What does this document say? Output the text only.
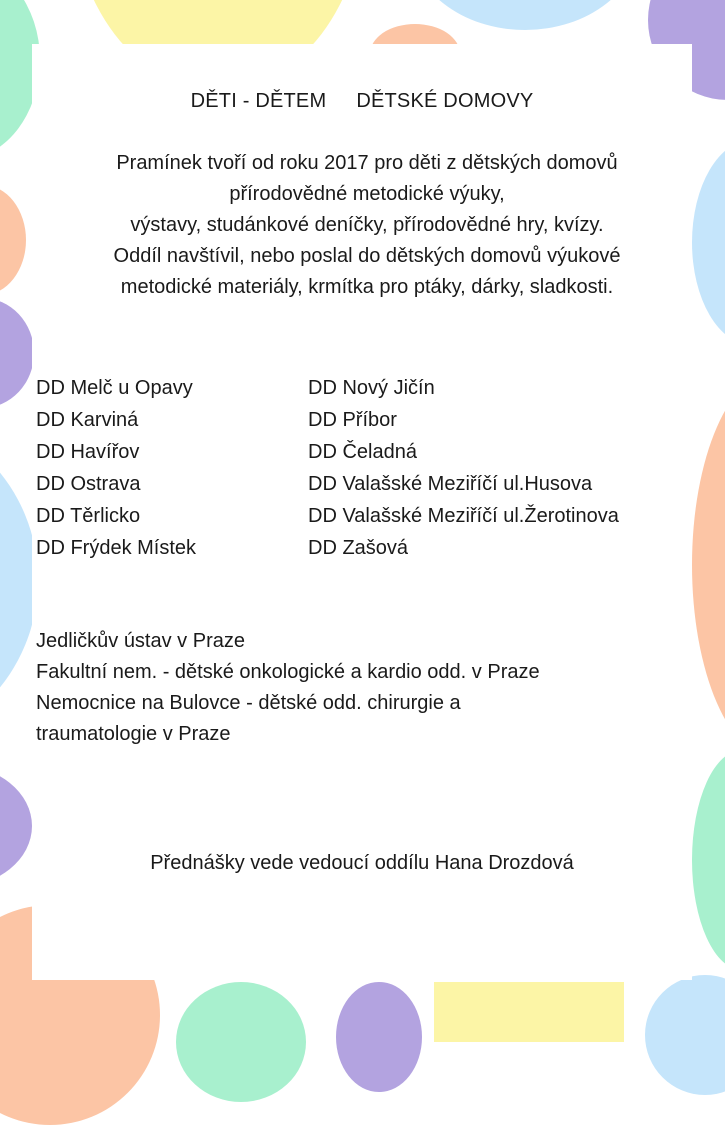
DĚTI - DĚTEM DĚTSKÉ DOMOVY
Pramínek tvoří od roku 2017 pro děti z dětských domovů
přírodovědné metodické výuky,
výstavy, studánkové deníčky, přírodovědné hry, kvízy.
Oddíl navštívil, nebo poslal do dětských domovů výukové
metodické materiály, krmítka pro ptáky, dárky, sladkosti.
DD Melč u Opavy	DD Nový Jičín
DD Karviná	DD Příbor
DD Havířov	DD Čeladná
DD Ostrava	DD Valašské Meziříčí ul.Husova
DD Těrlicko	DD Valašské Meziříčí ul.Žerotinova
DD Frýdek Místek	DD Zašová
Jedličkův ústav v Praze
Fakultní nem. - dětské onkologické a kardio odd. v Praze
Nemocnice na Bulovce - dětské odd. chirurgie a
traumatologie v Praze
Přednášky vede vedoucí oddílu Hana Drozdová
